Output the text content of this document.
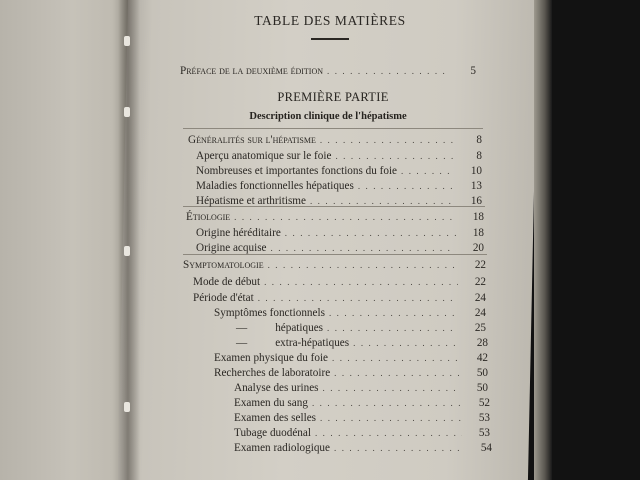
TABLE DES MATIÈRES
Préface de la deuxième édition . . .	5
PREMIÈRE PARTIE
Description clinique de l'hépatisme
Généralités sur l'hépatisme . . .	8
Aperçu anatomique sur le foie . . .	8
Nombreuses et importantes fonctions du foie . . .	10
Maladies fonctionnelles hépatiques . . .	13
Hépatisme et arthritisme . . .	16
Étiologie . . .	18
Origine héréditaire . . .	18
Origine acquise . . .	20
Symptomatologie . . .	22
Mode de début . . .	22
Période d'état . . .	24
Symptômes fonctionnels . . .	24
—	hépatiques . . .	25
—	extra-hépatiques . . .	28
Examen physique du foie . . .	42
Recherches de laboratoire . . .	50
Analyse des urines . . .	50
Examen du sang . . .	52
Examen des selles . . .	53
Tubage duodénal . . .	53
Examen radiologique . . .	54
